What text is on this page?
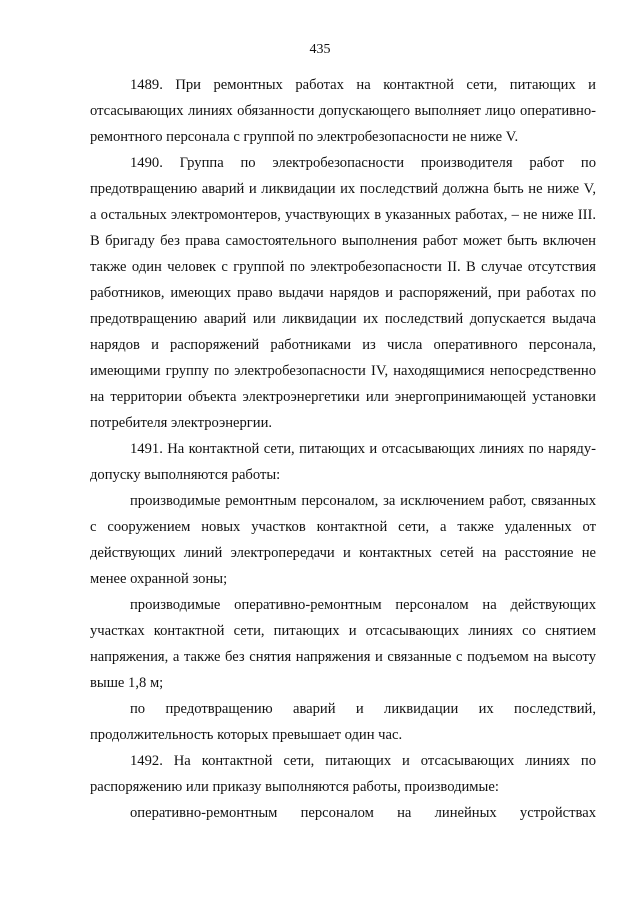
435

1489. При ремонтных работах на контактной сети, питающих и отсасывающих линиях обязанности допускающего выполняет лицо оперативно-ремонтного персонала с группой по электробезопасности не ниже V.

1490. Группа по электробезопасности производителя работ по предотвращению аварий и ликвидации их последствий должна быть не ниже V, а остальных электромонтеров, участвующих в указанных работах, – не ниже III. В бригаду без права самостоятельного выполнения работ может быть включен также один человек с группой по электробезопасности II. В случае отсутствия работников, имеющих право выдачи нарядов и распоряжений, при работах по предотвращению аварий или ликвидации их последствий допускается выдача нарядов и распоряжений работниками из числа оперативного персонала, имеющими группу по электробезопасности IV, находящимися непосредственно на территории объекта электроэнергетики или энергопринимающей установки потребителя электроэнергии.

1491. На контактной сети, питающих и отсасывающих линиях по наряду-допуску выполняются работы:

производимые ремонтным персоналом, за исключением работ, связанных с сооружением новых участков контактной сети, а также удаленных от действующих линий электропередачи и контактных сетей на расстояние не менее охранной зоны;

производимые оперативно-ремонтным персоналом на действующих участках контактной сети, питающих и отсасывающих линиях со снятием напряжения, а также без снятия напряжения и связанные с подъемом на высоту выше 1,8 м;

по предотвращению аварий и ликвидации их последствий, продолжительность которых превышает один час.

1492. На контактной сети, питающих и отсасывающих линиях по распоряжению или приказу выполняются работы, производимые:

оперативно-ремонтным персоналом на линейных устройствах
